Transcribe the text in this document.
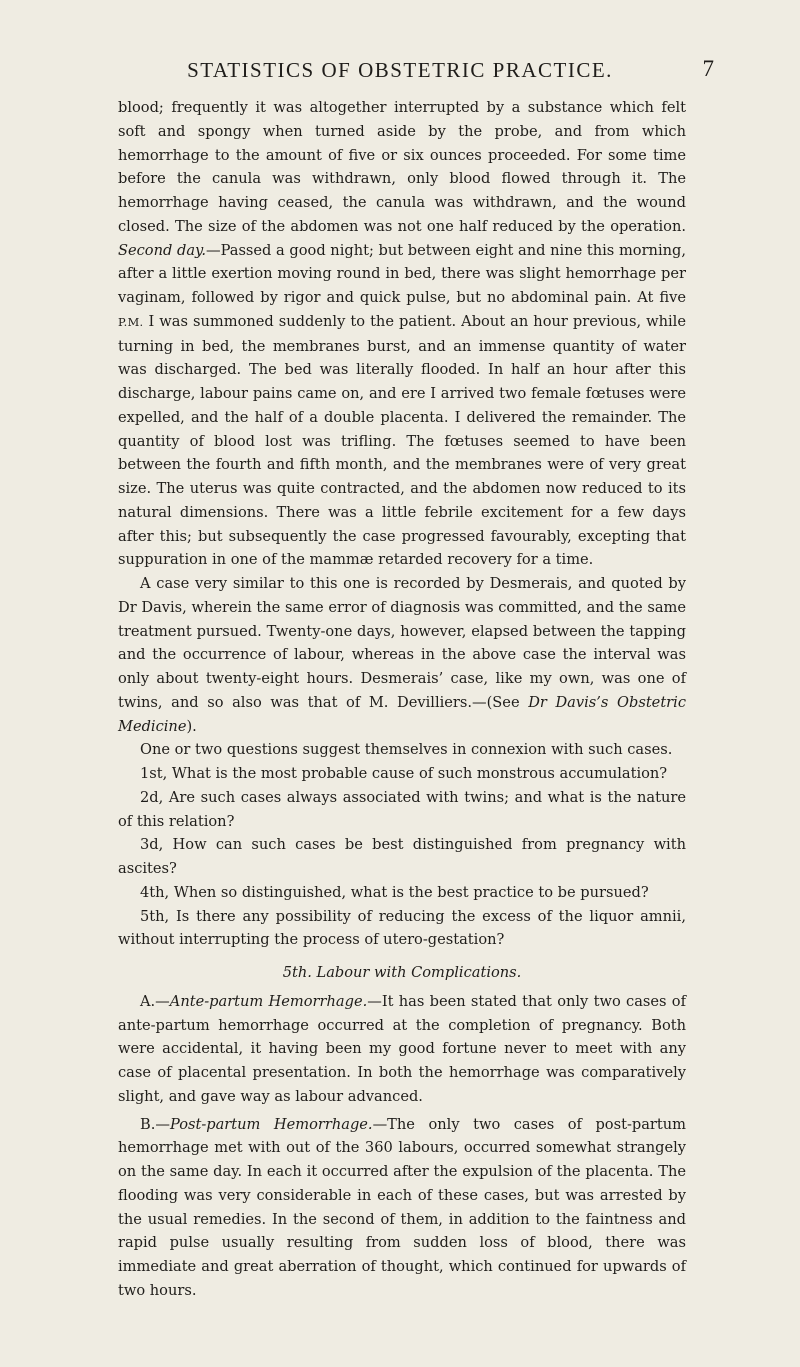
STATISTICS OF OBSTETRIC PRACTICE.	7

blood; frequently it was altogether interrupted by a substance which felt soft and spongy when turned aside by the probe, and from which hemorrhage to the amount of five or six ounces proceeded. For some time before the canula was withdrawn, only blood flowed through it. The hemorrhage having ceased, the canula was withdrawn, and the wound closed. The size of the abdomen was not one half reduced by the operation. Second day.—Passed a good night; but between eight and nine this morning, after a little exertion moving round in bed, there was slight hemorrhage per vaginam, followed by rigor and quick pulse, but no abdominal pain. At five P.M. I was summoned suddenly to the patient. About an hour previous, while turning in bed, the membranes burst, and an immense quantity of water was discharged. The bed was literally flooded. In half an hour after this discharge, labour pains came on, and ere I arrived two female fœtuses were expelled, and the half of a double placenta. I delivered the remainder. The quantity of blood lost was trifling. The fœtuses seemed to have been between the fourth and fifth month, and the membranes were of very great size. The uterus was quite contracted, and the abdomen now reduced to its natural dimensions. There was a little febrile excitement for a few days after this; but subsequently the case progressed favourably, excepting that suppuration in one of the mammæ retarded recovery for a time.

A case very similar to this one is recorded by Desmerais, and quoted by Dr Davis, wherein the same error of diagnosis was committed, and the same treatment pursued. Twenty-one days, however, elapsed between the tapping and the occurrence of labour, whereas in the above case the interval was only about twenty-eight hours. Desmerais’ case, like my own, was one of twins, and so also was that of M. Devilliers.—(See Dr Davis’s Obstetric Medicine).

One or two questions suggest themselves in connexion with such cases.

1st, What is the most probable cause of such monstrous accumulation?

2d, Are such cases always associated with twins; and what is the nature of this relation?

3d, How can such cases be best distinguished from pregnancy with ascites?

4th, When so distinguished, what is the best practice to be pursued?

5th, Is there any possibility of reducing the excess of the liquor amnii, without interrupting the process of utero-gestation?

5th. Labour with Complications.

A.—Ante-partum Hemorrhage.—It has been stated that only two cases of ante-partum hemorrhage occurred at the completion of pregnancy. Both were accidental, it having been my good fortune never to meet with any case of placental presentation. In both the hemorrhage was comparatively slight, and gave way as labour advanced.

B.—Post-partum Hemorrhage.—The only two cases of post-partum hemorrhage met with out of the 360 labours, occurred somewhat strangely on the same day. In each it occurred after the expulsion of the placenta. The flooding was very considerable in each of these cases, but was arrested by the usual remedies. In the second of them, in addition to the faintness and rapid pulse usually resulting from sudden loss of blood, there was immediate and great aberration of thought, which continued for upwards of two hours.
